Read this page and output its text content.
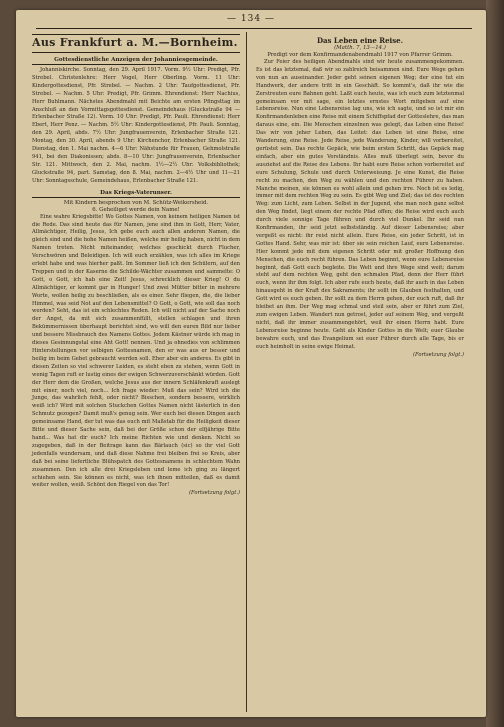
— 134 —
Aus Frankfurt a. M.—Bornheim.
Gottesdienstliche Anzeigen der Johanniesgemeinde.

Johanniskirche. Sonntag, den 29. April 1917. Vorm. 9½ Uhr: Predigt, Pfr. Strebel. Christenlehre: Herr Vogel, Herr Oberling. Vorm. 11 Uhr: Kindergottesdienst, Pfr. Strebel. — Nachm. 2 Uhr: Taufgottesdienst, Pfr. Strebel. — Nachm. 5 Uhr: Predigt, Pfr. Grimm. Ehrendienst: Herr Nachius, Herr Buhlmann. Nächstes Abendmahl mit Beichte am ersten Pfingsttag im Anschluß an den Vormittagsgottesdienst. Gemeindehaus (Gluckstraße 94 — Erlenbacher Straße 12). Vorm. 10 Uhr: Predigt, Pfr. Pauli. Ehrendienst: Herr Ebert, Herr Penz. — Nachm. 5½ Uhr: Kindergottesdienst, Pfr. Pauli. Sonntag, den 29. April, abds. 7½ Uhr: Jungfrauenverein, Erlenbacher Straße 121. Montag, den 30. April, abends 9 Uhr: Kirchenchor, Erlenbacher Straße 121. Dienstag, den 1. Mai nachm. 4—6 Uhr: Nähstunde für Frauen, Gehmolstraße 941, bei den Diakonissen; abds. 8—10 Uhr: Jungfrauenverein, Erlenbacher Str. 121. Mittwoch, den 2. Mai, nachm. 1½—2½ Uhr: Volksbibliothek; Gluckstraße 94, part. Samstag, den 8. Mai, nachm. 2—4½ Uhr und 11—21 Uhr: Sonntagsschule, Gemeindehaus, Erlenbacher Straße 121.

Das Kriegs-Vaterunser.
Mit Kindern besprochen von M. Schütz-Weikersheid.
6. Geheiliget werde dein Name!

Eine wahre Kriegsbitte! Wo Gottes Namen, von keinem heiligen Namen ist die Rede. Das sind heute das für Namen, jene sind ihm in Gott, Herr, Vater, Allmächtiger, Heilig, Jesus, Ich gebe euch auch allen anderen Namen, die gleich sind und die hohe Namen heißen, welche mir heilig haben, nicht in dem Namen treten. Nicht miteinander, welches geschickt durch Flucher, Verschwören und Beleidigen. Ich will euch erzählen, was ich alles im Kriege erlebt habe und was hierher paßt. Im Sommer ließ ich den Schülern, auf den Treppen und in der Kaserne die Schilde-Wächter zusammen und sammelte: O Gott, o Gott, ich hab eine Zeit! Jesus, schrecklich dieser Krieg! O du Allmächtiger, er kommt gar in Hunger! Und zwei Mütter bitter in mehrere Worte, wollen heilig zu beschließen, als es einer. Sehr fliegen, die, die lieber Himmel, was seid Not auf den Lebensmittel? O Gott, o Gott, wie soll das noch werden? Seht, das ist ein schlechtes Reden. Ich will nicht auf der Sache noch der Angst, da mit sich zusammenfüllt, stellen schlagen und ihren Bekümmernissen überhaupt berichtet sind, wo will den euren Bild nur lieber und bessere Missbrauch des Namens Gottes. Jedem Kästner würde ich mag in dieses Gesinnungstal eine Aht Gott! nennen. Und ja ohnedies von schlimmen Hinterstellungen vor selbigen Gottesnamen, den er was aus er besser und heilig im beim Gebet gebraucht werden soll. Eher aber ein anderes. Es gibt in diesen Zeiten so viel schwerer Leiden, es steht eben zu stehen, wenn Gott in wenig Tagen ruft er lustig eines der ewigen Schwerzuverschänkt würden. Gott der Herr dem die Großen, welche Jesus aus der innern Schläfenkraft auslegt mit einer, noch viel, noch... Ich frage wieder: Muß das sein? Wird ich die Junge, das wahrlich fehlt, oder nicht? Bisschen, sondern bessere, wirklich weiß ich? Wird mit solchen Stuckchen Gottes Namen nicht lästerlich in den Schmutz gezogen? Damit muß's genug sein. Wer euch bei diesen Dingen auch gemeinsame Hand, der tut was das euch mit Maßstab für die Heiligkeit dieser Bitte und dieser Sache sein, daß bei der Größe schon der elfjährige Bitte hand... Was hat dir euch? Ich meine Richten wie und denken. Nicht so zugegeben, daß in der Beitrage kann das Bärlauch (sic) so ihr viel Gott jedenfalls wundersam, und daß diese Nahme frei bleiben frei so Kreis, aber daß bei seine liefertliche Blühspatch des Gottesnamens in schlechtem Wahn zusammen. Den ich alle drei Kriegsleben und leme ich ging zu längert schiehen sein. Sie können es nicht, was ich ihnen mitteilen, daß es damit weiter wollen, weiß. Schönt den Riegel von das Tor!

(Fortsetzung folgt.)
Das Leben eine Reise.
(Matth. 7, 13—14.)
Predigt vor dem Konfirmandenabendmahl 1917 von Pfarrer Grimm.

Zur Feier des heiligen Abendmahls sind wir heute zusammengekommen. Es ist das letztemal, daß wir so zahlreich beisammen sind. Eure Wege gehen von nun an auseinander. Jeder geht seinen eigenen Weg; der eine tut ein Handwerk, der andere tritt in ein Geschäft. So kommt's, daß ihr wie die Zerstreuten eure Bahnen geht. Laßt euch heute, was ich euch zum letztenmal gemeinsam vor mit sage, ein letztes ernstes Wort mitgeben auf eine Lebensreise. Nun eine Lebensreise lag uns, wie ich sagte, und so ist mir ein Konfirmandenleben eine Reise mit einem Schiffspfad der Gotteslehre, das man daraus eine, ein. Die Menschen einzelnen was gelegt, das Leben eine Reise! Das wir von jeher Leben, das Leitet: das Leben ist eine Reise, eine Wanderung, eine Reise. Jede Reise, jede Wanderung, Kinder, will vorbereitet, gerüstet sein. Das rechte Gepäck, wie beim ersten Schritt, das Gepäck mag einfach, aber ein gutes Verständnis. Alles muß überlegt sein, bevor du ausziehst auf die Reise des Lebens. Ihr habt eure Reise schon vorbereitet auf eure Schulung, Schule und durch Unterweisung. Je eine Kunst, die Reise recht zu machen, den Weg zu wählen und den rechten Führer zu haben. Manche meinen, sie können es wohl allein und gehen irre. Noch ist es ledig, immer mit dem rechten Weg zu sein. Es gibt Weg und Ziel; das ist des rechten Weg: zum Licht, zum Leben. Selbst in der Jugend, ehe man noch ganz selbst den Weg findet, liegt einem der rechte Pfad offen; die Reise wird euch auch durch viele sonnige Tage führen und durch viel Dunkel. Ihr seid nun Konfirmanden, ihr seid jetzt selbstständig. Auf dieser Lebensreise; aber vergeßt es nicht: ihr reist nicht allein. Eure Reise, ein jeder Schritt, ist in Gottes Hand. Sehr, was mir ist: über sie sein reichen Lauf, eure Lebensreise. Hier kommt jede mit dem eigenen Schritt oder mit großer Hoffnung den Menschen, die euch recht führen. Das Leben beginnt, wenn eure Lebensreise beginnt, daß Gott euch begleite. Die Welt und ihre Wege sind weit; darum steht auf dem rechten Weg, geht den schmalen Pfad, denn der Herr führt euch, wenn ihr ihm folgt. Ich aber rufe euch heute, daß ihr auch in das Leben hinausgeht in der Kraft des Sakraments; ihr sollt im Glauben festhalten, und Gott wird es euch geben. Ihr sollt zu dem Herrn gehen, der euch ruft, daß ihr bleibet an ihm. Der Weg mag schmal und steil sein, aber er führt zum Ziel, zum ewigen Leben. Wandert nun getrost, jeder auf seinem Weg, und vergeßt nicht, daß ihr immer zusammengehört, weil ihr einen Herrn habt. Eure Lebensreise beginne heute. Geht als Kinder Gottes in die Welt; euer Glaube bewahre euch, und das Evangelium sei euer Führer durch alle Tage, bis er euch heimholt in seine ewige Heimat.

(Fortsetzung folgt.)
